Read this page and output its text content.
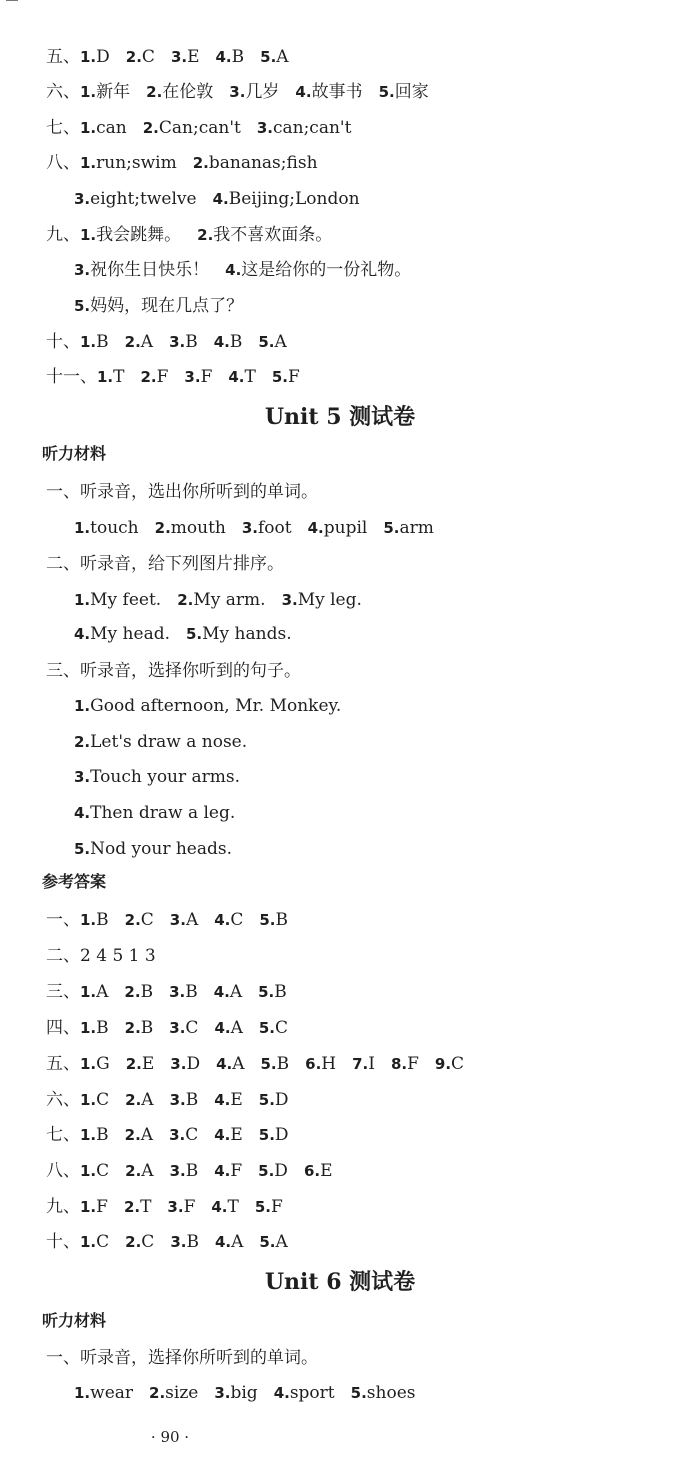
五、1.D 2.C 3.E 4.B 5.A
六、1.新年 2.在伦敦 3.几岁 4.故事书 5.回家
七、1.can 2.Can;can't 3.can;can't
八、1.run;swim 2.bananas;fish
3.eight;twelve 4.Beijing;London
九、1.我会跳舞。 2.我不喜欢面条。
3.祝你生日快乐！ 4.这是给你的一份礼物。
5.妈妈，现在几点了？
十、1.B 2.A 3.B 4.B 5.A
十一、1.T 2.F 3.F 4.T 5.F
Unit 5 测试卷
听力材料
一、听录音，选出你所听到的单词。
1.touch 2.mouth 3.foot 4.pupil 5.arm
二、听录音，给下列图片排序。
1.My feet. 2.My arm. 3.My leg.
4.My head. 5.My hands.
三、听录音，选择你听到的句子。
1.Good afternoon, Mr. Monkey.
2.Let's draw a nose.
3.Touch your arms.
4.Then draw a leg.
5.Nod your heads.
参考答案
一、1.B 2.C 3.A 4.C 5.B
二、2 4 5 1 3
三、1.A 2.B 3.B 4.A 5.B
四、1.B 2.B 3.C 4.A 5.C
五、1.G 2.E 3.D 4.A 5.B 6.H 7.I 8.F 9.C
六、1.C 2.A 3.B 4.E 5.D
七、1.B 2.A 3.C 4.E 5.D
八、1.C 2.A 3.B 4.F 5.D 6.E
九、1.F 2.T 3.F 4.T 5.F
十、1.C 2.C 3.B 4.A 5.A
Unit 6 测试卷
听力材料
一、听录音，选择你所听到的单词。
1.wear 2.size 3.big 4.sport 5.shoes
· 90 ·
